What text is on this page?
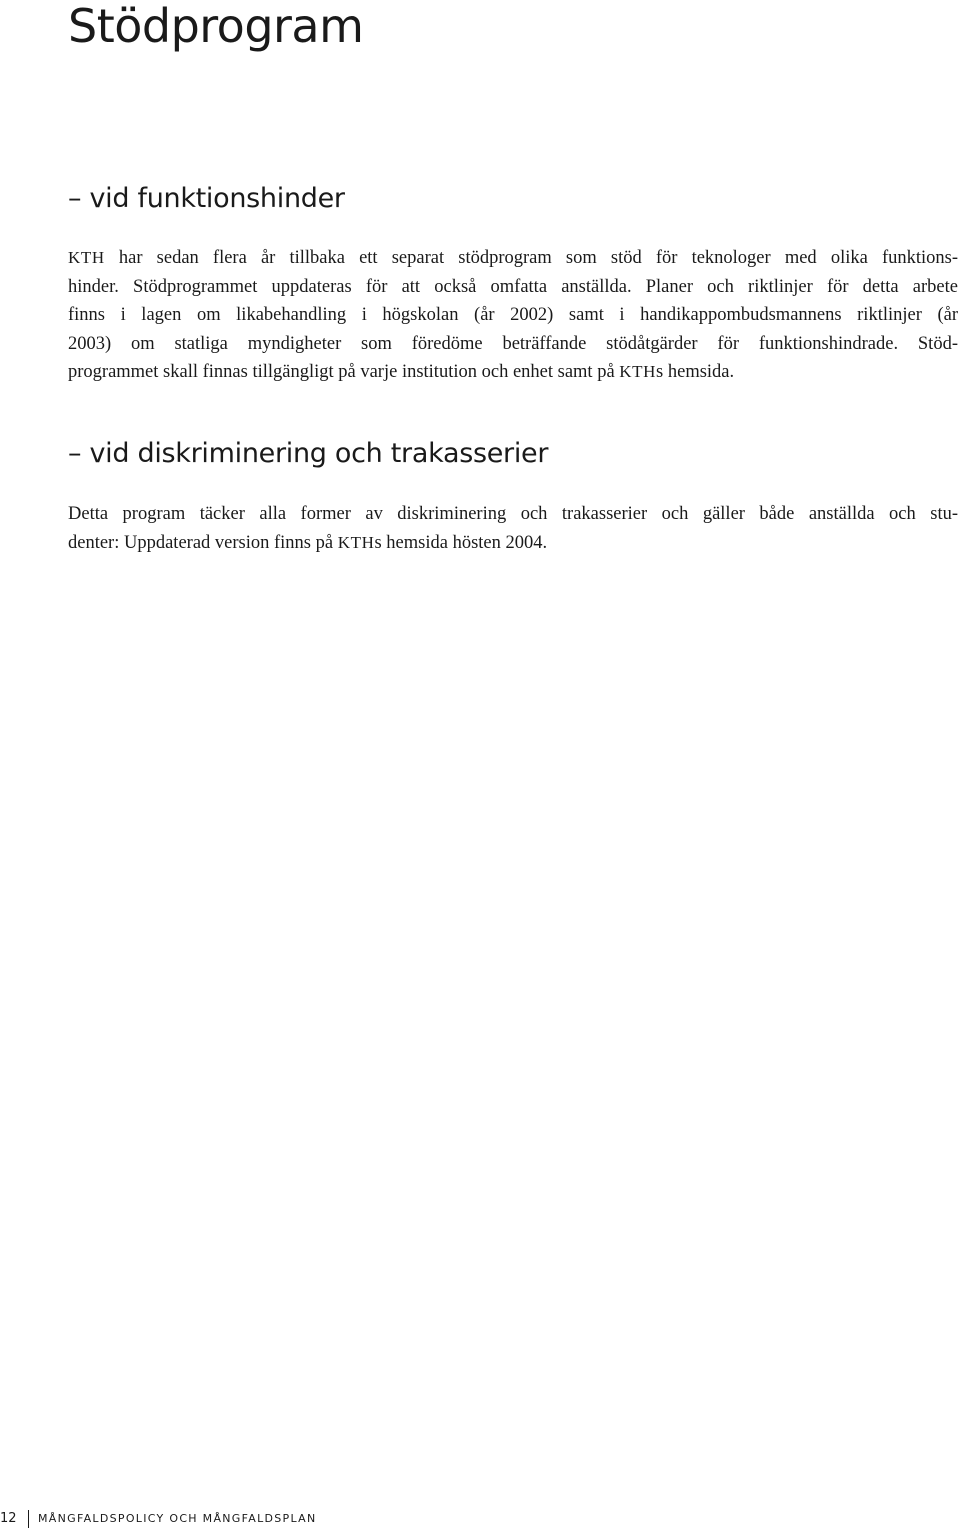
Stödprogram
– vid funktionshinder
KTH har sedan flera år tillbaka ett separat stödprogram som stöd för teknologer med olika funktions-
hinder. Stödprogrammet uppdateras för att också omfatta anställda. Planer och riktlinjer för detta arbete
finns i lagen om likabehandling i högskolan (år 2002) samt i handikappombudsmannens riktlinjer (år
2003) om statliga myndigheter som föredöme beträffande stödåtgärder för funktionshindrade. Stöd-
programmet skall finnas tillgängligt på varje institution och enhet samt på KTHs hemsida.
– vid diskriminering och trakasserier
Detta program täcker alla former av diskriminering och trakasserier och gäller både anställda och stu-
denter: Uppdaterad version finns på KTHs hemsida hösten 2004.
12 MÅNGFALDSPOLICY OCH MÅNGFALDSPLAN
